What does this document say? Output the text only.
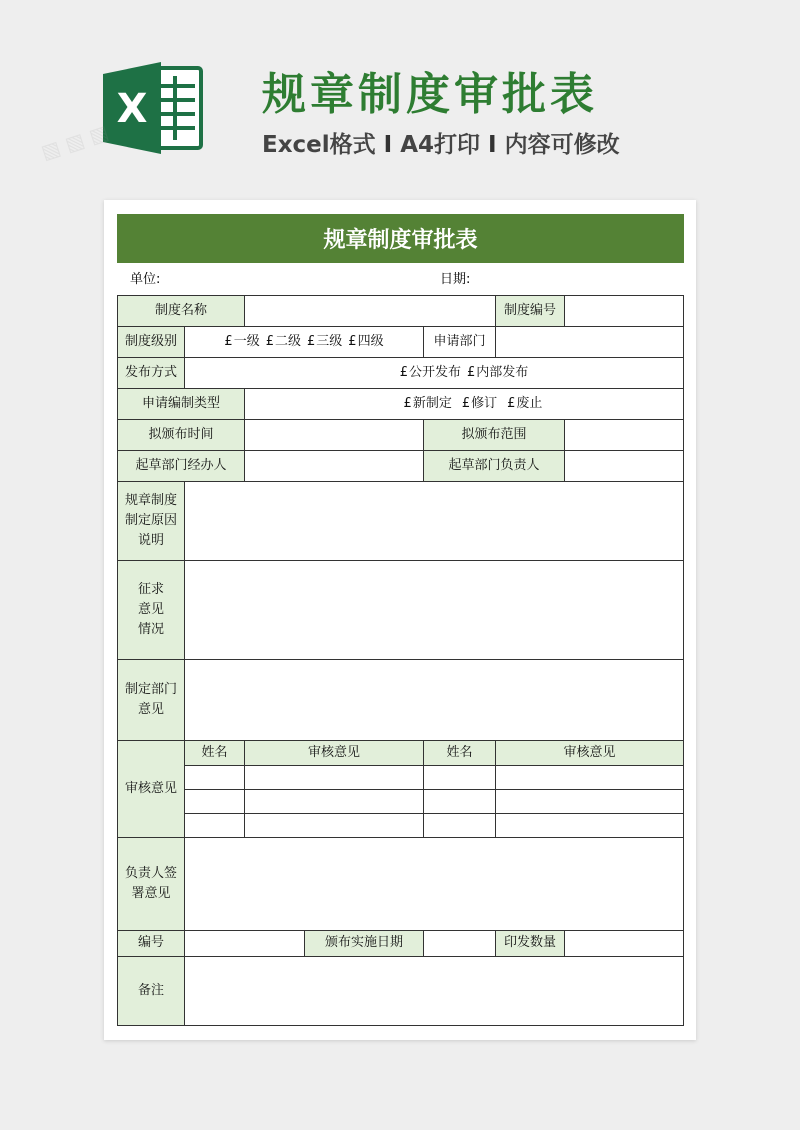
X	规章制度审批表
Excel格式 I A4打印 I 内容可修改
▧ ▧ ▧
规章制度审批表
单位:	日期:
制度名称	制度编号
制度级别	£一级 £二级 £三级 £四级	申请部门
发布方式	£公开发布 £内部发布
申请编制类型	£新制定 £修订 £废止
拟颁布时间	拟颁布范围
起草部门经办人	起草部门负责人
规章制度制定原因说明
征求意见情况
制定部门意见
审核意见
姓名	审核意见	姓名	审核意见
负责人签署意见
编号	颁布实施日期	印发数量
备注
